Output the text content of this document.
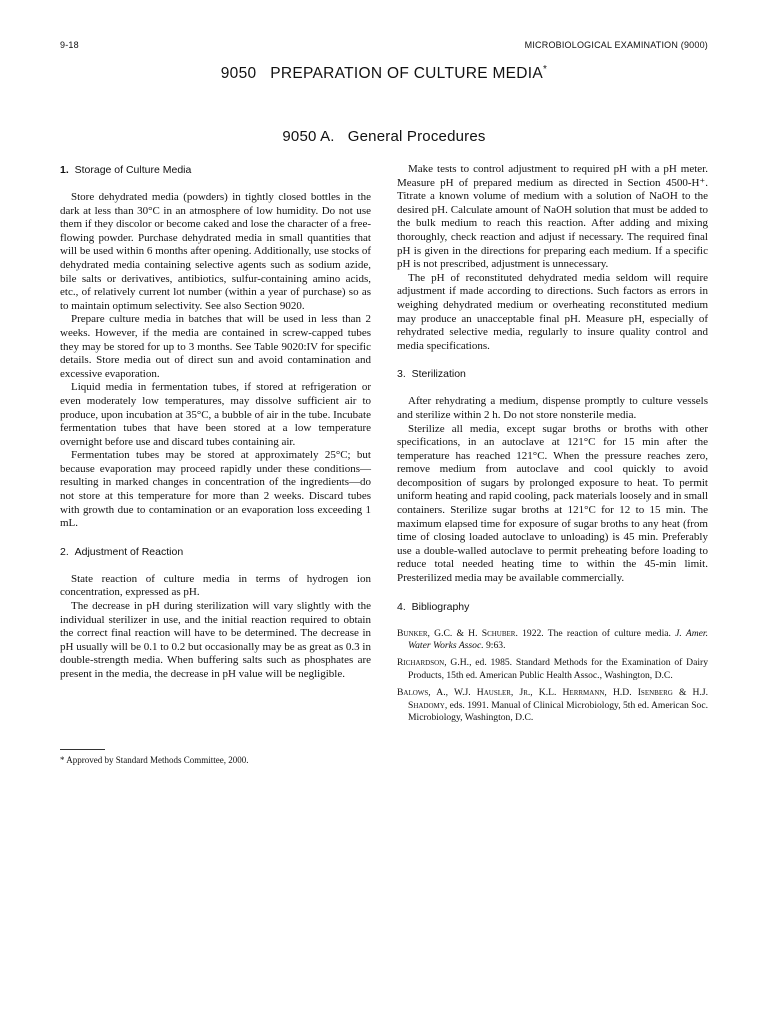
9-18	MICROBIOLOGICAL EXAMINATION (9000)
9050   PREPARATION OF CULTURE MEDIA*
9050 A.   General Procedures
1. Storage of Culture Media

Store dehydrated media (powders) in tightly closed bottles in the dark at less than 30°C in an atmosphere of low humidity. Do not use them if they discolor or become caked and lose the character of a free-flowing powder. Purchase dehydrated media in small quantities that will be used within 6 months after opening. Additionally, use stocks of dehydrated media containing selective agents such as sodium azide, bile salts or derivatives, antibiotics, sulfur-containing amino acids, etc., of relatively current lot number (within a year of purchase) so as to maintain optimum selectivity. See also Section 9020.

Prepare culture media in batches that will be used in less than 2 weeks. However, if the media are contained in screw-capped tubes they may be stored for up to 3 months. See Table 9020:IV for specific details. Store media out of direct sun and avoid contamination and excessive evaporation.

Liquid media in fermentation tubes, if stored at refrigeration or even moderately low temperatures, may dissolve sufficient air to produce, upon incubation at 35°C, a bubble of air in the tube. Incubate fermentation tubes that have been stored at a low temperature overnight before use and discard tubes containing air.

Fermentation tubes may be stored at approximately 25°C; but because evaporation may proceed rapidly under these conditions—resulting in marked changes in concentration of the ingredients—do not store at this temperature for more than 2 weeks. Discard tubes with growth due to contamination or an evaporation loss exceeding 1 mL.

2. Adjustment of Reaction

State reaction of culture media in terms of hydrogen ion concentration, expressed as pH.

The decrease in pH during sterilization will vary slightly with the individual sterilizer in use, and the initial reaction required to obtain the correct final reaction will have to be determined. The decrease in pH usually will be 0.1 to 0.2 but occasionally may be as great as 0.3 in double-strength media. When buffering salts such as phosphates are present in the media, the decrease in pH value will be negligible.

* Approved by Standard Methods Committee, 2000.

Make tests to control adjustment to required pH with a pH meter. Measure pH of prepared medium as directed in Section 4500-H⁺. Titrate a known volume of medium with a solution of NaOH to the desired pH. Calculate amount of NaOH solution that must be added to the bulk medium to reach this reaction. After adding and mixing thoroughly, check reaction and adjust if necessary. The required final pH is given in the directions for preparing each medium. If a specific pH is not prescribed, adjustment is unnecessary.

The pH of reconstituted dehydrated media seldom will require adjustment if made according to directions. Such factors as errors in weighing dehydrated medium or overheating reconstituted medium may produce an unacceptable final pH. Measure pH, especially of rehydrated selective media, regularly to insure quality control and media specifications.

3. Sterilization

After rehydrating a medium, dispense promptly to culture vessels and sterilize within 2 h. Do not store nonsterile media.

Sterilize all media, except sugar broths or broths with other specifications, in an autoclave at 121°C for 15 min after the temperature has reached 121°C. When the pressure reaches zero, remove medium from autoclave and cool quickly to avoid decomposition of sugars by prolonged exposure to heat. To permit uniform heating and rapid cooling, pack materials loosely and in small containers. Sterilize sugar broths at 121°C for 12 to 15 min. The maximum elapsed time for exposure of sugar broths to any heat (from time of closing loaded autoclave to unloading) is 45 min. Preferably use a double-walled autoclave to permit preheating before loading to reduce total needed heating time to within the 45-min limit. Presterilized media may be available commercially.

4. Bibliography
Bunker, G.C. & H. Schuber. 1922. The reaction of culture media. J. Amer. Water Works Assoc. 9:63.
Richardson, G.H., ed. 1985. Standard Methods for the Examination of Dairy Products, 15th ed. American Public Health Assoc., Washington, D.C.
Balows, A., W.J. Hausler, Jr., K.L. Herrmann, H.D. Isenberg & H.J. Shadomy, eds. 1991. Manual of Clinical Microbiology, 5th ed. American Soc. Microbiology, Washington, D.C.
